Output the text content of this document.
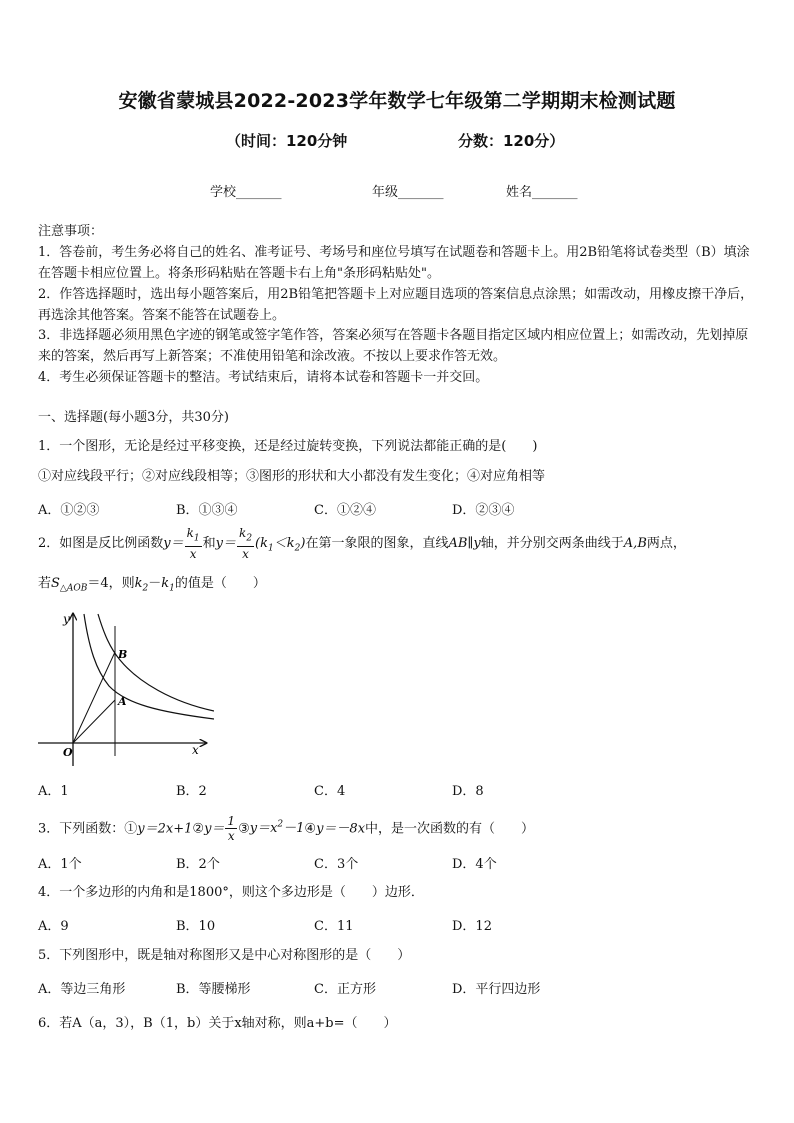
安徽省蒙城县2022-2023学年数学七年级第二学期期末检测试题
（时间：120分钟	分数：120分）
学校_______	年级_______	姓名_______
注意事项：
1．答卷前，考生务必将自己的姓名、准考证号、考场号和座位号填写在试题卷和答题卡上。用2B铅笔将试卷类型（B）填涂在答题卡相应位置上。将条形码粘贴在答题卡右上角"条形码粘贴处"。
2．作答选择题时，选出每小题答案后，用2B铅笔把答题卡上对应题目选项的答案信息点涂黑；如需改动，用橡皮擦干净后，再选涂其他答案。答案不能答在试题卷上。
3．非选择题必须用黑色字迹的钢笔或签字笔作答，答案必须写在答题卡各题目指定区域内相应位置上；如需改动，先划掉原来的答案，然后再写上新答案；不准使用铅笔和涂改液。不按以上要求作答无效。
4．考生必须保证答题卡的整洁。考试结束后，请将本试卷和答题卡一并交回。
一、选择题(每小题3分，共30分)
1．一个图形，无论是经过平移变换，还是经过旋转变换，下列说法都能正确的是(　　)
①对应线段平行；②对应线段相等；③图形的形状和大小都没有发生变化；④对应角相等
A．①②③	B．①③④	C．①②④	D．②③④
2．如图是反比例函数$y= \frac{k_1}{x}$ 和$y= \frac{k_2}{x} (k_1<k_2)$在第一象限的图象，直线AB∥y轴，并分别交两条曲线于A,B两点，
若$S_{\triangle AOB}=4$，则$k_2-k_1$的值是（　　）
y
x
O
B
A
A．1	B．2	C．4	D．8
3．下列函数：①y＝2x+1②y＝ $\frac{1}{x}$ $③y=x^2-1④y=-8x$中，是一次函数的有（　　）
A．1个	B．2个	C．3个	D．4个
4．一个多边形的内角和是1800°，则这个多边形是（　　）边形．
A．9	B．10	C．11	D．12
5．下列图形中，既是轴对称图形又是中心对称图形的是（　　）
A．等边三角形	B．等腰梯形	C．正方形	D．平行四边形
6．若A（a，3），B（1，b）关于x轴对称，则a+b=（　　）
